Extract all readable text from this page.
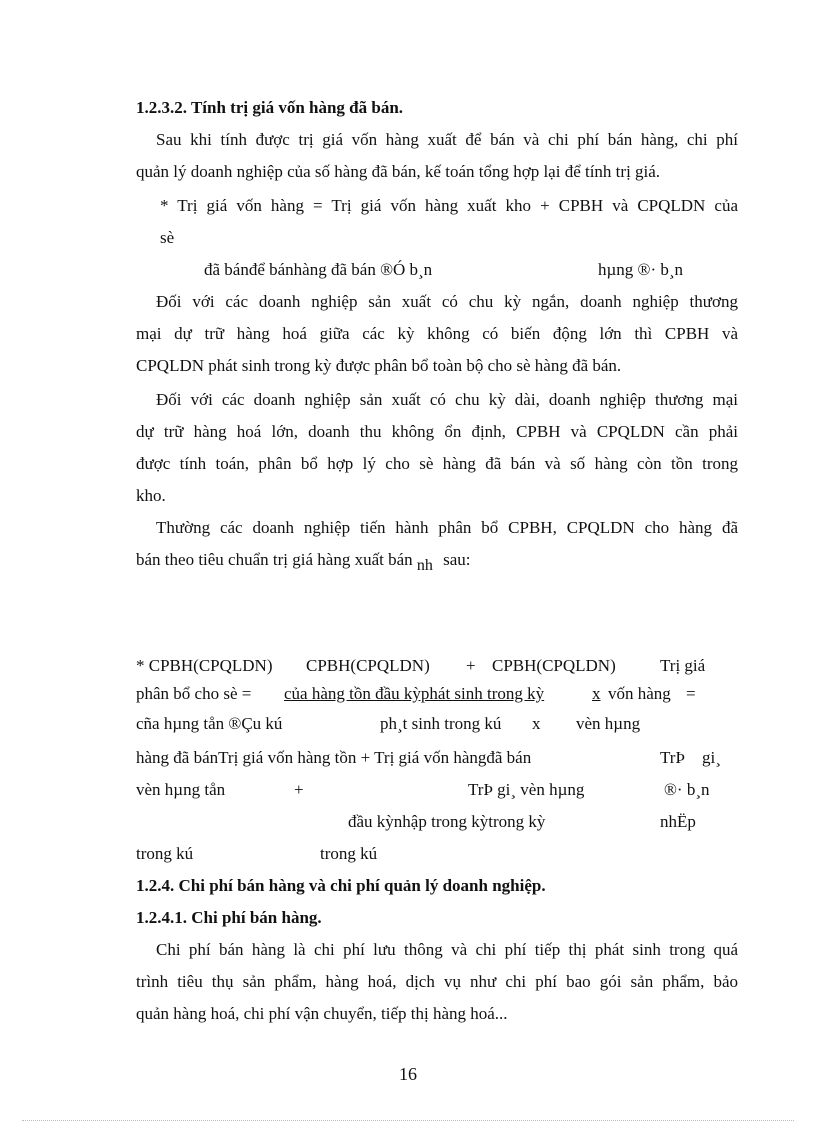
1.2.3.2. Tính trị giá vốn hàng đã bán.
Sau khi tính được trị giá vốn hàng xuất để bán và chi phí bán hàng, chi phí
quản lý doanh nghiệp của số hàng đã bán, kế toán tổng hợp lại để tính trị giá.
* Trị giá vốn hàng = Trị giá vốn hàng xuất kho + CPBH và CPQLDN của
sè
đã bánđể bánhàng đã bán ®Ó b¸n	hµng ®· b¸n
Đối với các doanh nghiệp sản xuất có chu kỳ ngắn, doanh nghiệp thương
mại dự trữ hàng hoá giữa các kỳ không có biến động lớn thì CPBH và
CPQLDN phát sinh trong kỳ được phân bổ toàn bộ cho sè hàng đã bán.
Đối với các doanh nghiệp sản xuất có chu kỳ dài, doanh nghiệp thương mại
dự trữ hàng hoá lớn, doanh thu không ổn định, CPBH và CPQLDN cần phải
được tính toán, phân bổ hợp lý cho sè hàng đã bán và số hàng còn tồn trong
kho.
Thường các doanh nghiệp tiến hành phân bổ CPBH, CPQLDN cho hàng đã
bán theo tiêu chuẩn trị giá hàng xuất bán nh sau:
* CPBH(CPQLDN) CPBH(CPQLDN) + CPBH(CPQLDN)	Trị giá
phân bổ cho sè = của hàng tồn đầu kỳphát sinh trong kỳ	x vốn hàng =
cña hµng tån ®Çu kú	ph¸t sinh trong kú x vèn hµng
hàng đã bánTrị giá vốn hàng tồn + Trị giá vốn hàngđã bán	TrÞ gi¸
vèn hµng tån	+	TrÞ gi¸ vèn hµng	®· b¸n
đầu kỳnhập trong kỳtrong kỳ	nhËp
trong kú	trong kú
1.2.4. Chi phí bán hàng và chi phí quản lý doanh nghiệp.
1.2.4.1. Chi phí bán hàng.
Chi phí bán hàng là chi phí lưu thông và chi phí tiếp thị phát sinh trong quá
trình tiêu thụ sản phẩm, hàng hoá, dịch vụ như chi phí bao gói sản phẩm, bảo
quản hàng hoá, chi phí vận chuyển, tiếp thị hàng hoá...
16
